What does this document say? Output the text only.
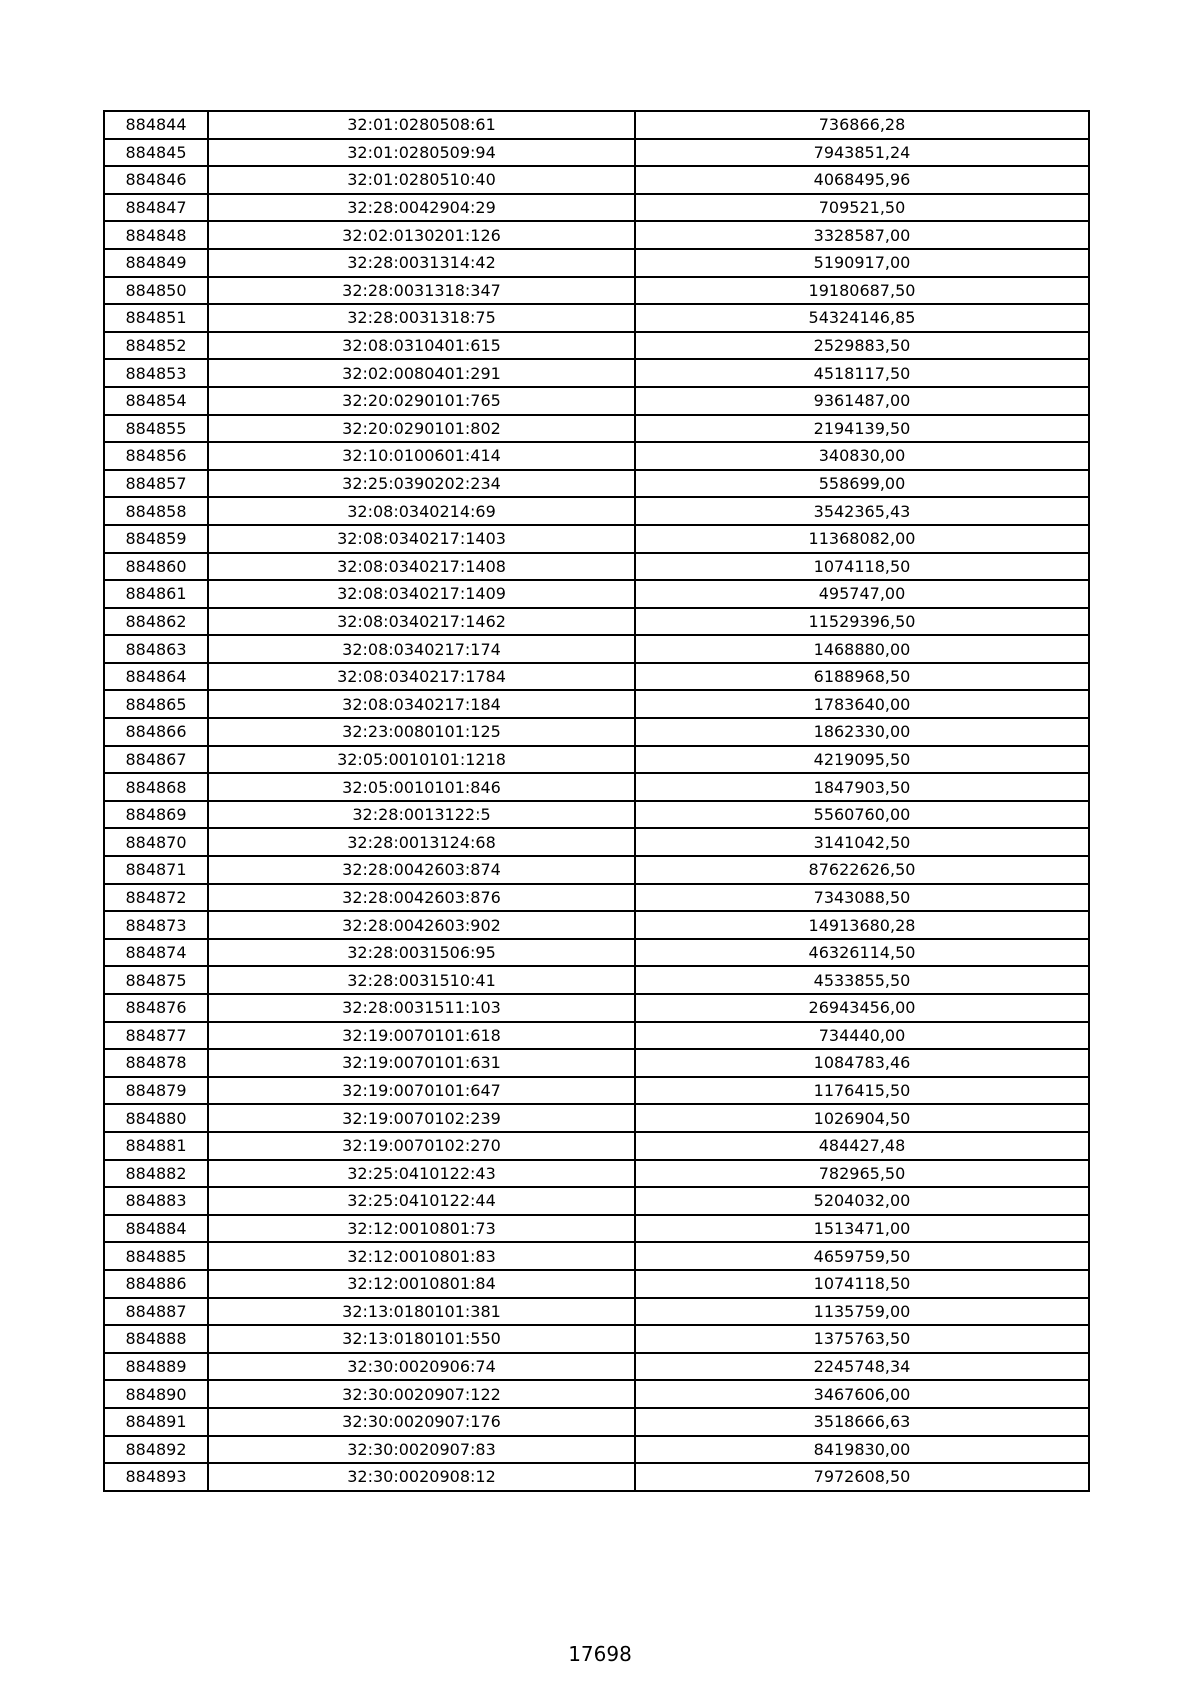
884844	32:01:0280508:61	736866,28
884845	32:01:0280509:94	7943851,24
884846	32:01:0280510:40	4068495,96
884847	32:28:0042904:29	709521,50
884848	32:02:0130201:126	3328587,00
884849	32:28:0031314:42	5190917,00
884850	32:28:0031318:347	19180687,50
884851	32:28:0031318:75	54324146,85
884852	32:08:0310401:615	2529883,50
884853	32:02:0080401:291	4518117,50
884854	32:20:0290101:765	9361487,00
884855	32:20:0290101:802	2194139,50
884856	32:10:0100601:414	340830,00
884857	32:25:0390202:234	558699,00
884858	32:08:0340214:69	3542365,43
884859	32:08:0340217:1403	11368082,00
884860	32:08:0340217:1408	1074118,50
884861	32:08:0340217:1409	495747,00
884862	32:08:0340217:1462	11529396,50
884863	32:08:0340217:174	1468880,00
884864	32:08:0340217:1784	6188968,50
884865	32:08:0340217:184	1783640,00
884866	32:23:0080101:125	1862330,00
884867	32:05:0010101:1218	4219095,50
884868	32:05:0010101:846	1847903,50
884869	32:28:0013122:5	5560760,00
884870	32:28:0013124:68	3141042,50
884871	32:28:0042603:874	87622626,50
884872	32:28:0042603:876	7343088,50
884873	32:28:0042603:902	14913680,28
884874	32:28:0031506:95	46326114,50
884875	32:28:0031510:41	4533855,50
884876	32:28:0031511:103	26943456,00
884877	32:19:0070101:618	734440,00
884878	32:19:0070101:631	1084783,46
884879	32:19:0070101:647	1176415,50
884880	32:19:0070102:239	1026904,50
884881	32:19:0070102:270	484427,48
884882	32:25:0410122:43	782965,50
884883	32:25:0410122:44	5204032,00
884884	32:12:0010801:73	1513471,00
884885	32:12:0010801:83	4659759,50
884886	32:12:0010801:84	1074118,50
884887	32:13:0180101:381	1135759,00
884888	32:13:0180101:550	1375763,50
884889	32:30:0020906:74	2245748,34
884890	32:30:0020907:122	3467606,00
884891	32:30:0020907:176	3518666,63
884892	32:30:0020907:83	8419830,00
884893	32:30:0020908:12	7972608,50
17698
